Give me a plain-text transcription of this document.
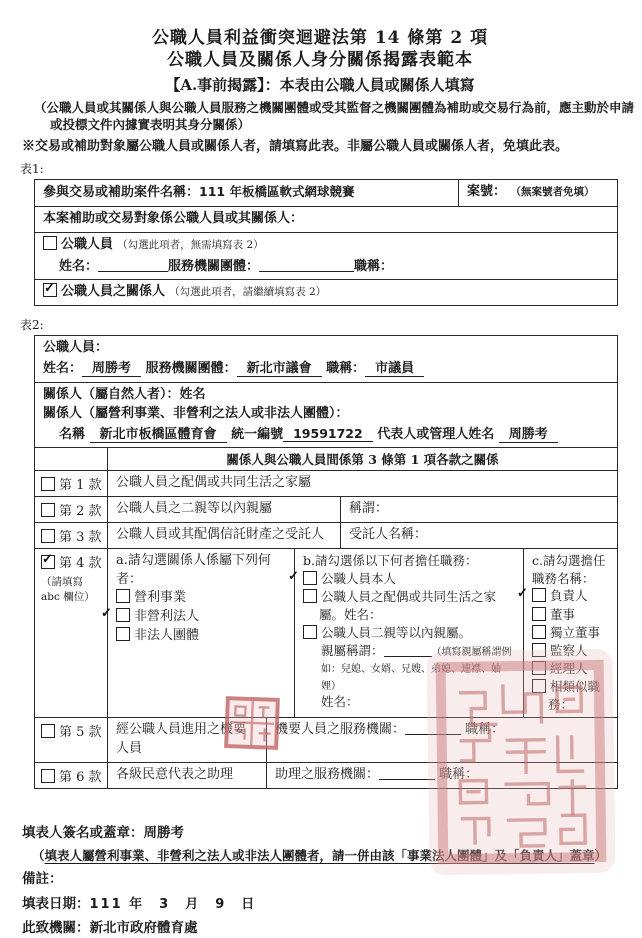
公職人員利益衝突迴避法第 14 條第 2 項
公職人員及關係人身分關係揭露表範本
【A.事前揭露】：本表由公職人員或關係人填寫
（公職人員或其關係人與公職人員服務之機關團體或受其監督之機關團體為補助或交易行為前，應主動於申請或投標文件內據實表明其身分關係）
※交易或補助對象屬公職人員或關係人者，請填寫此表。非屬公職人員或關係人者，免填此表。
表1:
參與交易或補助案件名稱：111 年板橋區軟式網球競賽	案號： （無案號者免填）
本案補助或交易對象係公職人員或其關係人：
公職人員 （勾選此項者，無需填寫表 2）
姓名：	服務機關團體：	職稱：
✓ 公職人員之關係人 （勾選此項者，請繼續填寫表 2）
表2:
公職人員：
姓名： 周勝考 服務機關團體： 新北市議會 職稱： 市議員
關係人（屬自然人者）：姓名
關係人（屬營利事業、非營利之法人或非法人團體）：
名稱 新北市板橋區體育會 統一編號 19591722 代表人或管理人姓名 周勝考
關係人與公職人員間係第 3 條第 1 項各款之關係
第 1 款	公職人員之配偶或共同生活之家屬
第 2 款	公職人員之二親等以內親屬	稱謂：
第 3 款	公職人員或其配偶信託財產之受託人	受託人名稱：
✓ 第 4 款
（請填寫
abc 欄位）
a.請勾選關係人係屬下列何者：
營利事業
✓	非營利法人
非法人團體
b.請勾選係以下何者擔任職務：
✓	公職人員本人
公職人員之配偶或共同生活之家屬。姓名：
公職人員二親等以內親屬。
親屬稱謂：	（填寫親屬稱謂例如：兒媳、女婿、兄嫂、弟媳、連襟、妯娌）
姓名：
c.請勾選擔任職務名稱：
✓	負責人
董事
獨立董事
監察人
經理人
相類似職務：
第 5 款	經公職人員進用之機要人員
機要人員之服務機關：	職稱：
第 6 款	各級民意代表之助理	助理之服務機關：	職稱：
填表人簽名或蓋章：周勝考
（填表人屬營利事業、非營利之法人或非法人團體者，請一併由該「事業法人團體」及「負責人」蓋章）
備註：
填表日期：111 年　3　月　9　日
此致機關：新北市政府體育處
